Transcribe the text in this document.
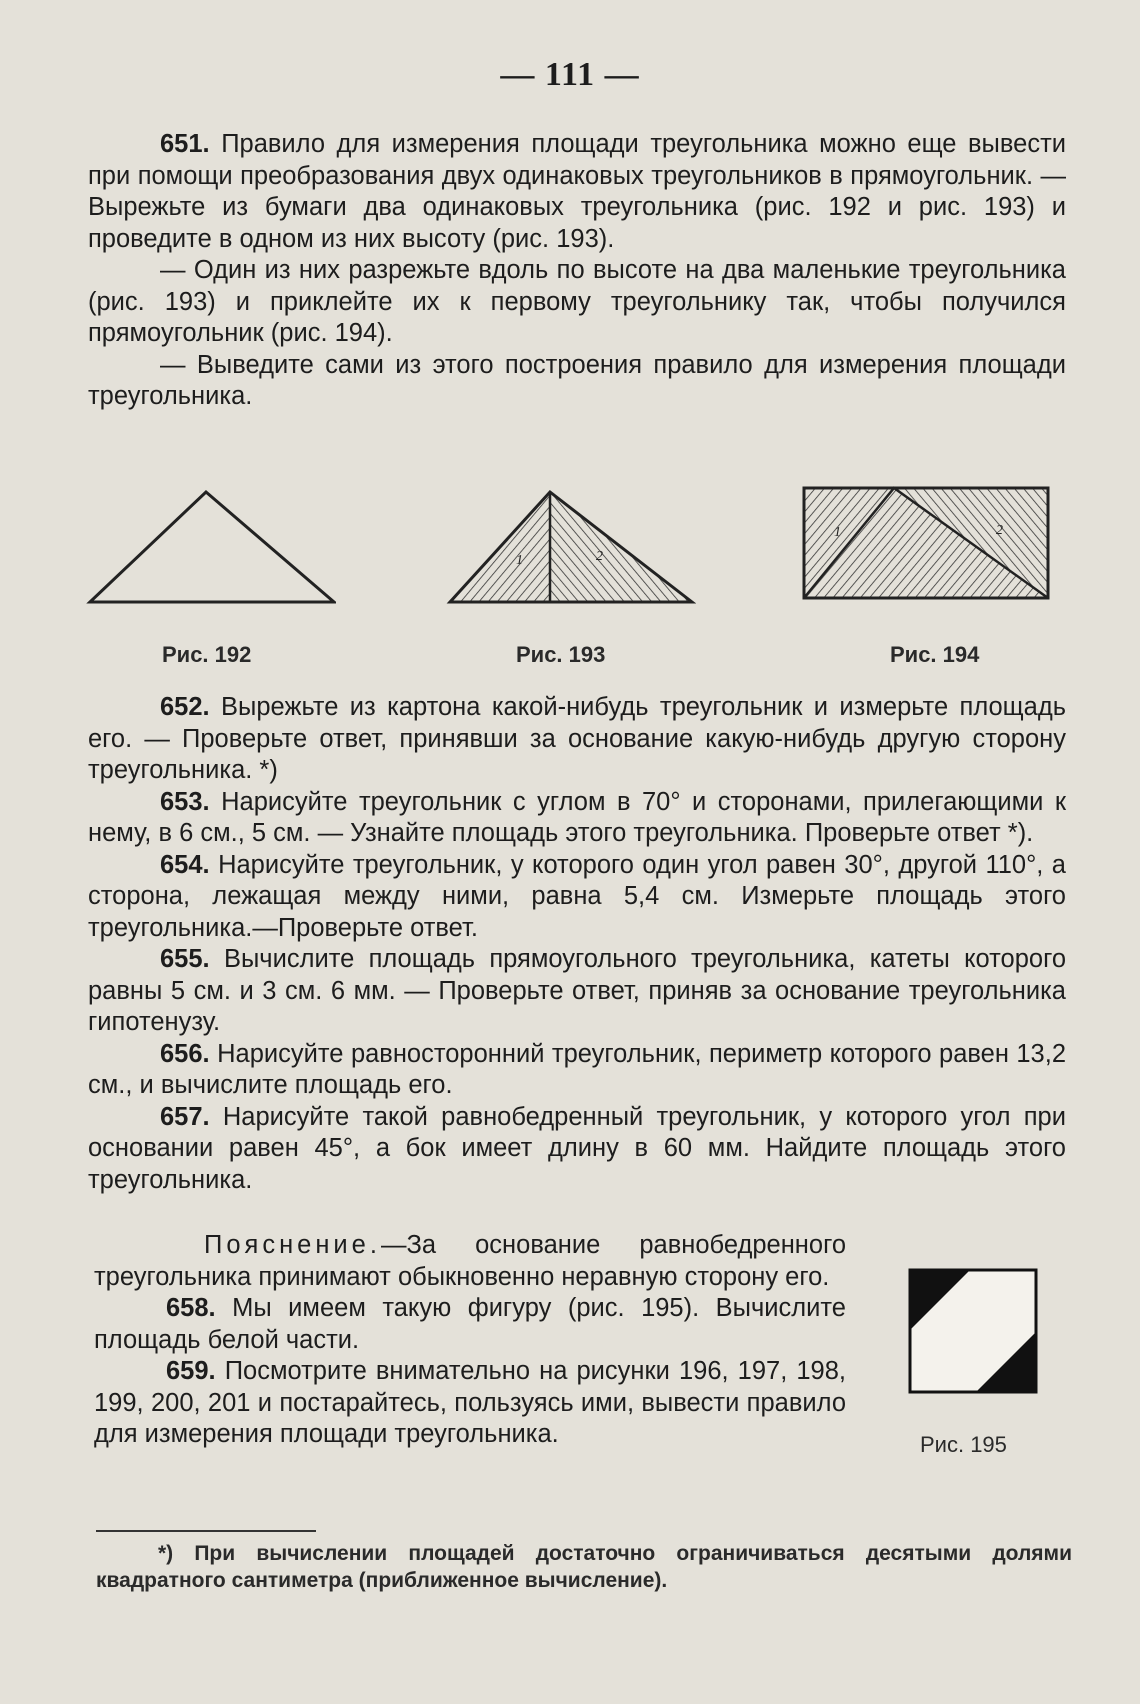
— 111 —

651. Правило для измерения площади треугольника можно еще вывести при помощи преобразования двух одинаковых треугольников в прямоугольник. — Вырежьте из бумаги два одинаковых треугольника (рис. 192 и рис. 193) и проведите в одном из них высоту (рис. 193).

— Один из них разрежьте вдоль по высоте на два маленькие треугольника (рис. 193) и приклейте их к первому треугольнику так, чтобы получился прямоугольник (рис. 194).

— Выведите сами из этого построения правило для измерения площади треугольника.

1	2
1	2
Рис. 192	Рис. 193	Рис. 194

652. Вырежьте из картона какой-нибудь треугольник и измерьте площадь его. — Проверьте ответ, принявши за основание какую-нибудь другую сторону треугольника. *)

653. Нарисуйте треугольник с углом в 70° и сторонами, прилегающими к нему, в 6 см., 5 см. — Узнайте площадь этого треугольника. Проверьте ответ *).

654. Нарисуйте треугольник, у которого один угол равен 30°, другой 110°, а сторона, лежащая между ними, равна 5,4 см. Измерьте площадь этого треугольника.—Проверьте ответ.

655. Вычислите площадь прямоугольного треугольника, катеты которого равны 5 см. и 3 см. 6 мм. — Проверьте ответ, приняв за основание треугольника гипотенузу.

656. Нарисуйте равносторонний треугольник, периметр которого равен 13,2 см., и вычислите площадь его.

657. Нарисуйте такой равнобедренный треугольник, у которого угол при основании равен 45°, а бок имеет длину в 60 мм. Найдите площадь этого треугольника.

Пояснение.—За основание равнобедренного треугольника принимают обыкновенно неравную сторону его.

658. Мы имеем такую фигуру (рис. 195). Вычислите площадь белой части.

659. Посмотрите внимательно на рисунки 196, 197, 198, 199, 200, 201 и постарайтесь, пользуясь ими, вывести правило для измерения площади треугольника.	Рис. 195

*) При вычислении площадей достаточно ограничиваться десятыми долями квадратного сантиметра (приближенное вычисление).
